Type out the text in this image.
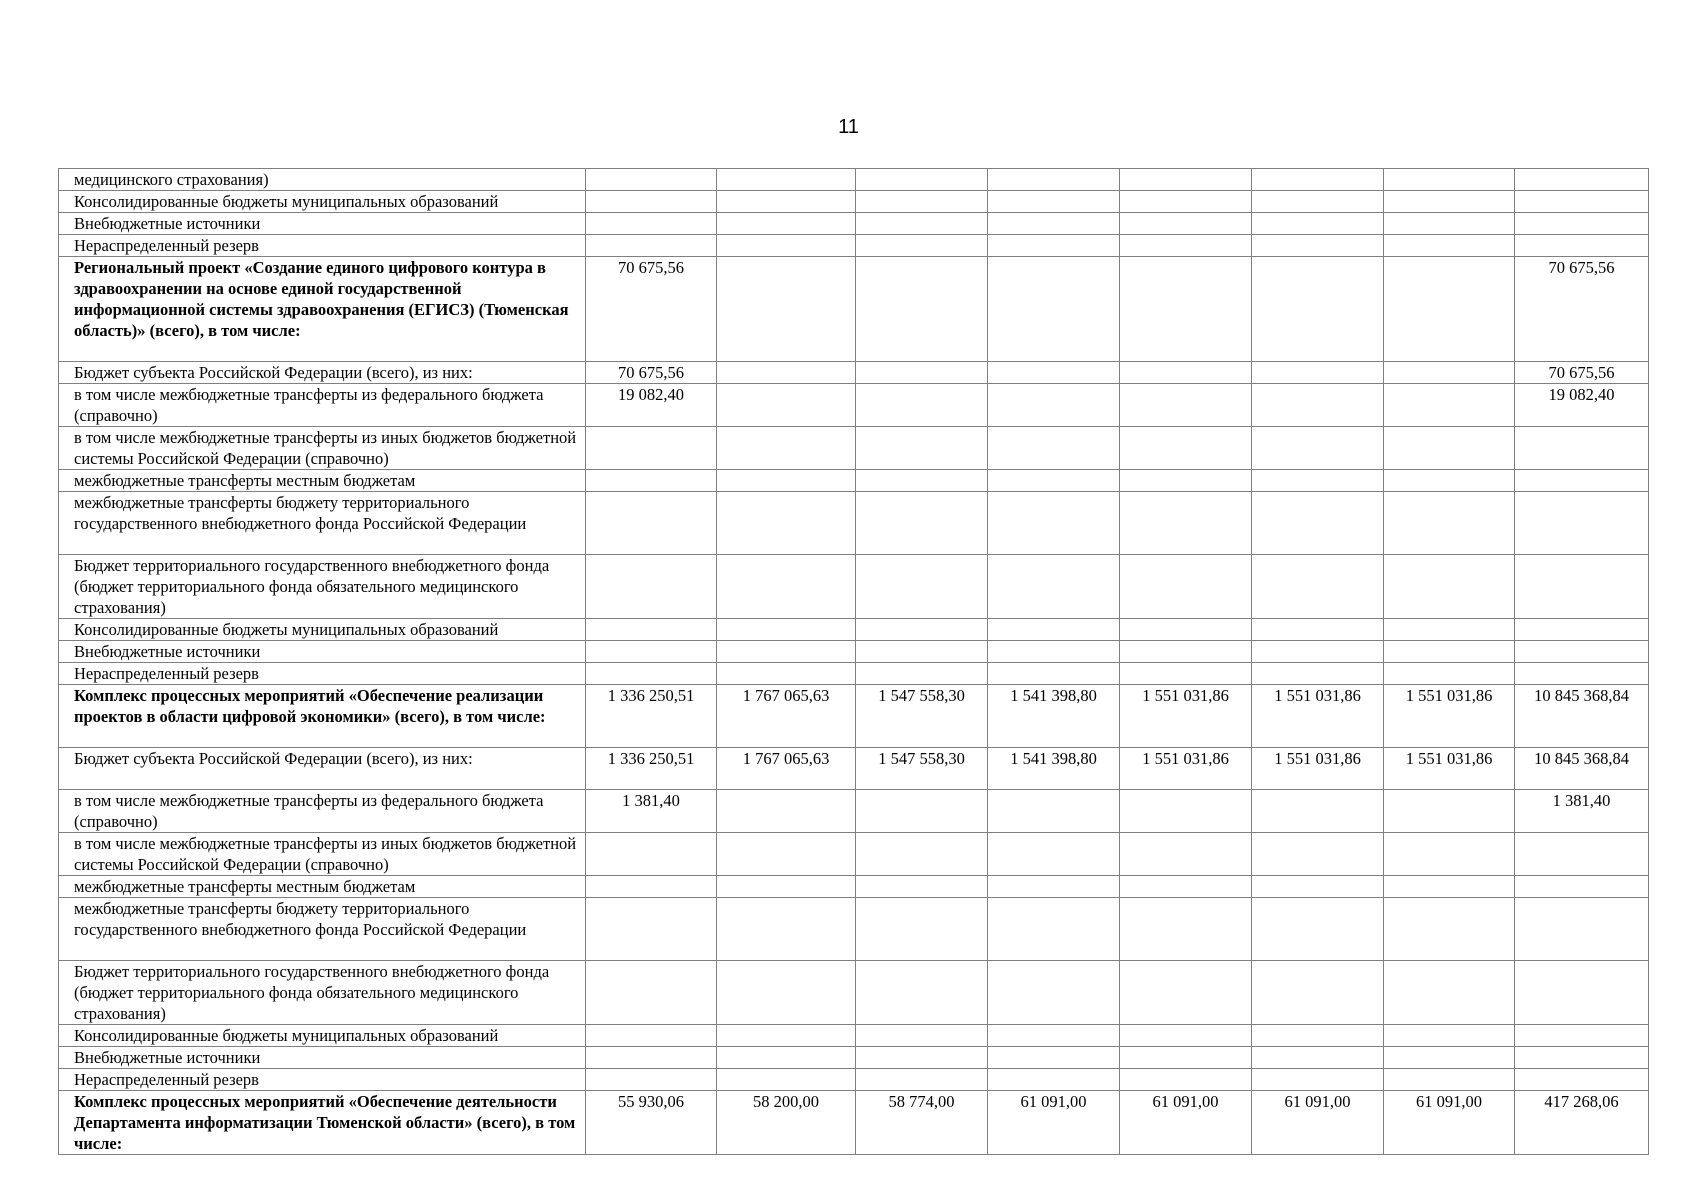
11
медицинского страхования)								
Консолидированные бюджеты муниципальных образований								
Внебюджетные источники								
Нераспределенный резерв								
Региональный проект «Создание единого цифрового контура в здравоохранении на основе единой государственной информационной системы здравоохранения (ЕГИСЗ) (Тюменская область)» (всего), в том числе:	70 675,56							70 675,56
Бюджет субъекта Российской Федерации (всего), из них:	70 675,56							70 675,56
в том числе межбюджетные трансферты из федерального бюджета (справочно)	19 082,40							19 082,40
в том числе межбюджетные трансферты из иных бюджетов бюджетной системы Российской Федерации (справочно)								
межбюджетные трансферты местным бюджетам								
межбюджетные трансферты бюджету территориального государственного внебюджетного фонда Российской Федерации								
Бюджет территориального государственного внебюджетного фонда (бюджет территориального фонда обязательного медицинского страхования)								
Консолидированные бюджеты муниципальных образований								
Внебюджетные источники								
Нераспределенный резерв								
Комплекс процессных мероприятий «Обеспечение реализации проектов в области цифровой экономики» (всего), в том числе:	1 336 250,51	1 767 065,63	1 547 558,30	1 541 398,80	1 551 031,86	1 551 031,86	1 551 031,86	10 845 368,84
Бюджет субъекта Российской Федерации (всего), из них:	1 336 250,51	1 767 065,63	1 547 558,30	1 541 398,80	1 551 031,86	1 551 031,86	1 551 031,86	10 845 368,84
в том числе межбюджетные трансферты из федерального бюджета (справочно)	1 381,40							1 381,40
в том числе межбюджетные трансферты из иных бюджетов бюджетной системы Российской Федерации (справочно)								
межбюджетные трансферты местным бюджетам								
межбюджетные трансферты бюджету территориального государственного внебюджетного фонда Российской Федерации								
Бюджет территориального государственного внебюджетного фонда (бюджет территориального фонда обязательного медицинского страхования)								
Консолидированные бюджеты муниципальных образований								
Внебюджетные источники								
Нераспределенный резерв								
Комплекс процессных мероприятий «Обеспечение деятельности Департамента информатизации Тюменской области» (всего), в том числе:	55 930,06	58 200,00	58 774,00	61 091,00	61 091,00	61 091,00	61 091,00	417 268,06
